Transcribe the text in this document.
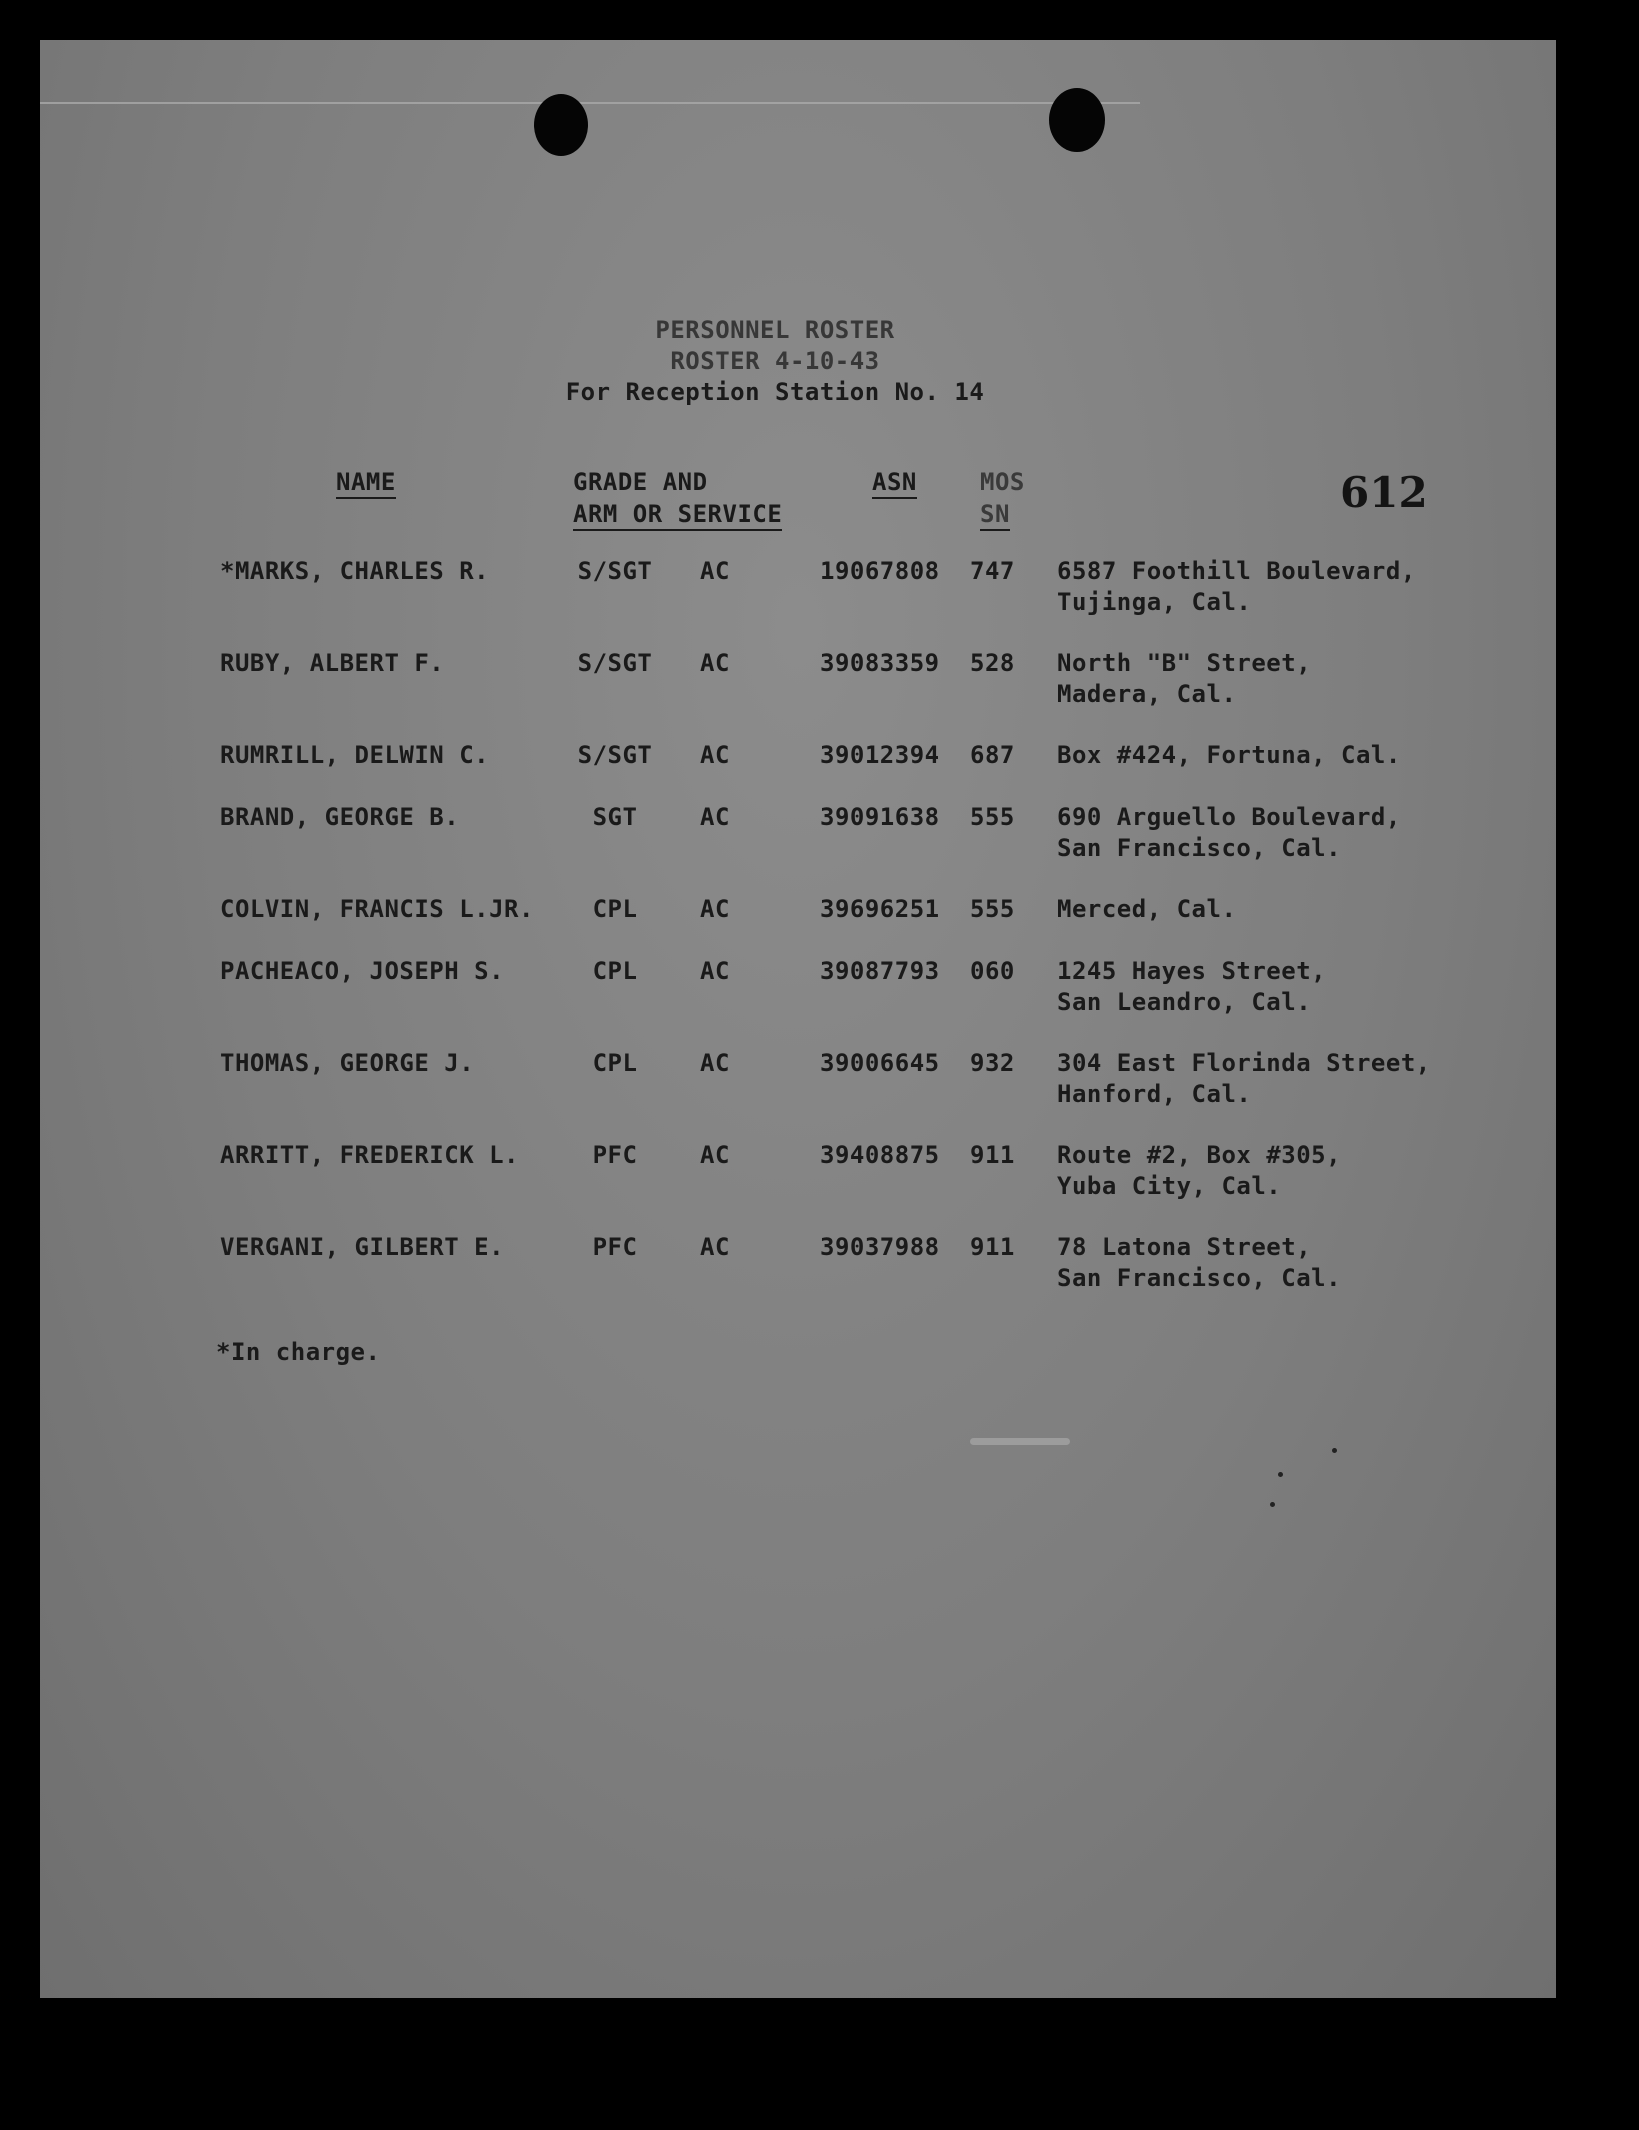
PERSONNEL ROSTER
ROSTER 4-10-43
For Reception Station No. 14
612
NAME	GRADE AND
ARM OR SERVICE
ASN	MOS
SN
*MARKS, CHARLES R.	S/SGT	AC	19067808 747 6587 Foothill Boulevard,
Tujinga, Cal.
RUBY, ALBERT F.	S/SGT	AC	39083359 528 North "B" Street,
Madera, Cal.
RUMRILL, DELWIN C.	S/SGT	AC	39012394 687 Box #424, Fortuna, Cal.
BRAND, GEORGE B.	SGT	AC	39091638 555 690 Arguello Boulevard,
San Francisco, Cal.
COLVIN, FRANCIS L.JR.	CPL	AC	39696251 555 Merced, Cal.
PACHEACO, JOSEPH S.	CPL	AC	39087793 060 1245 Hayes Street,
San Leandro, Cal.
THOMAS, GEORGE J.	CPL	AC	39006645 932 304 East Florinda Street,
Hanford, Cal.
ARRITT, FREDERICK L.	PFC	AC	39408875 911 Route #2, Box #305,
Yuba City, Cal.
VERGANI, GILBERT E.	PFC	AC	39037988 911 78 Latona Street,
San Francisco, Cal.
*In charge.
